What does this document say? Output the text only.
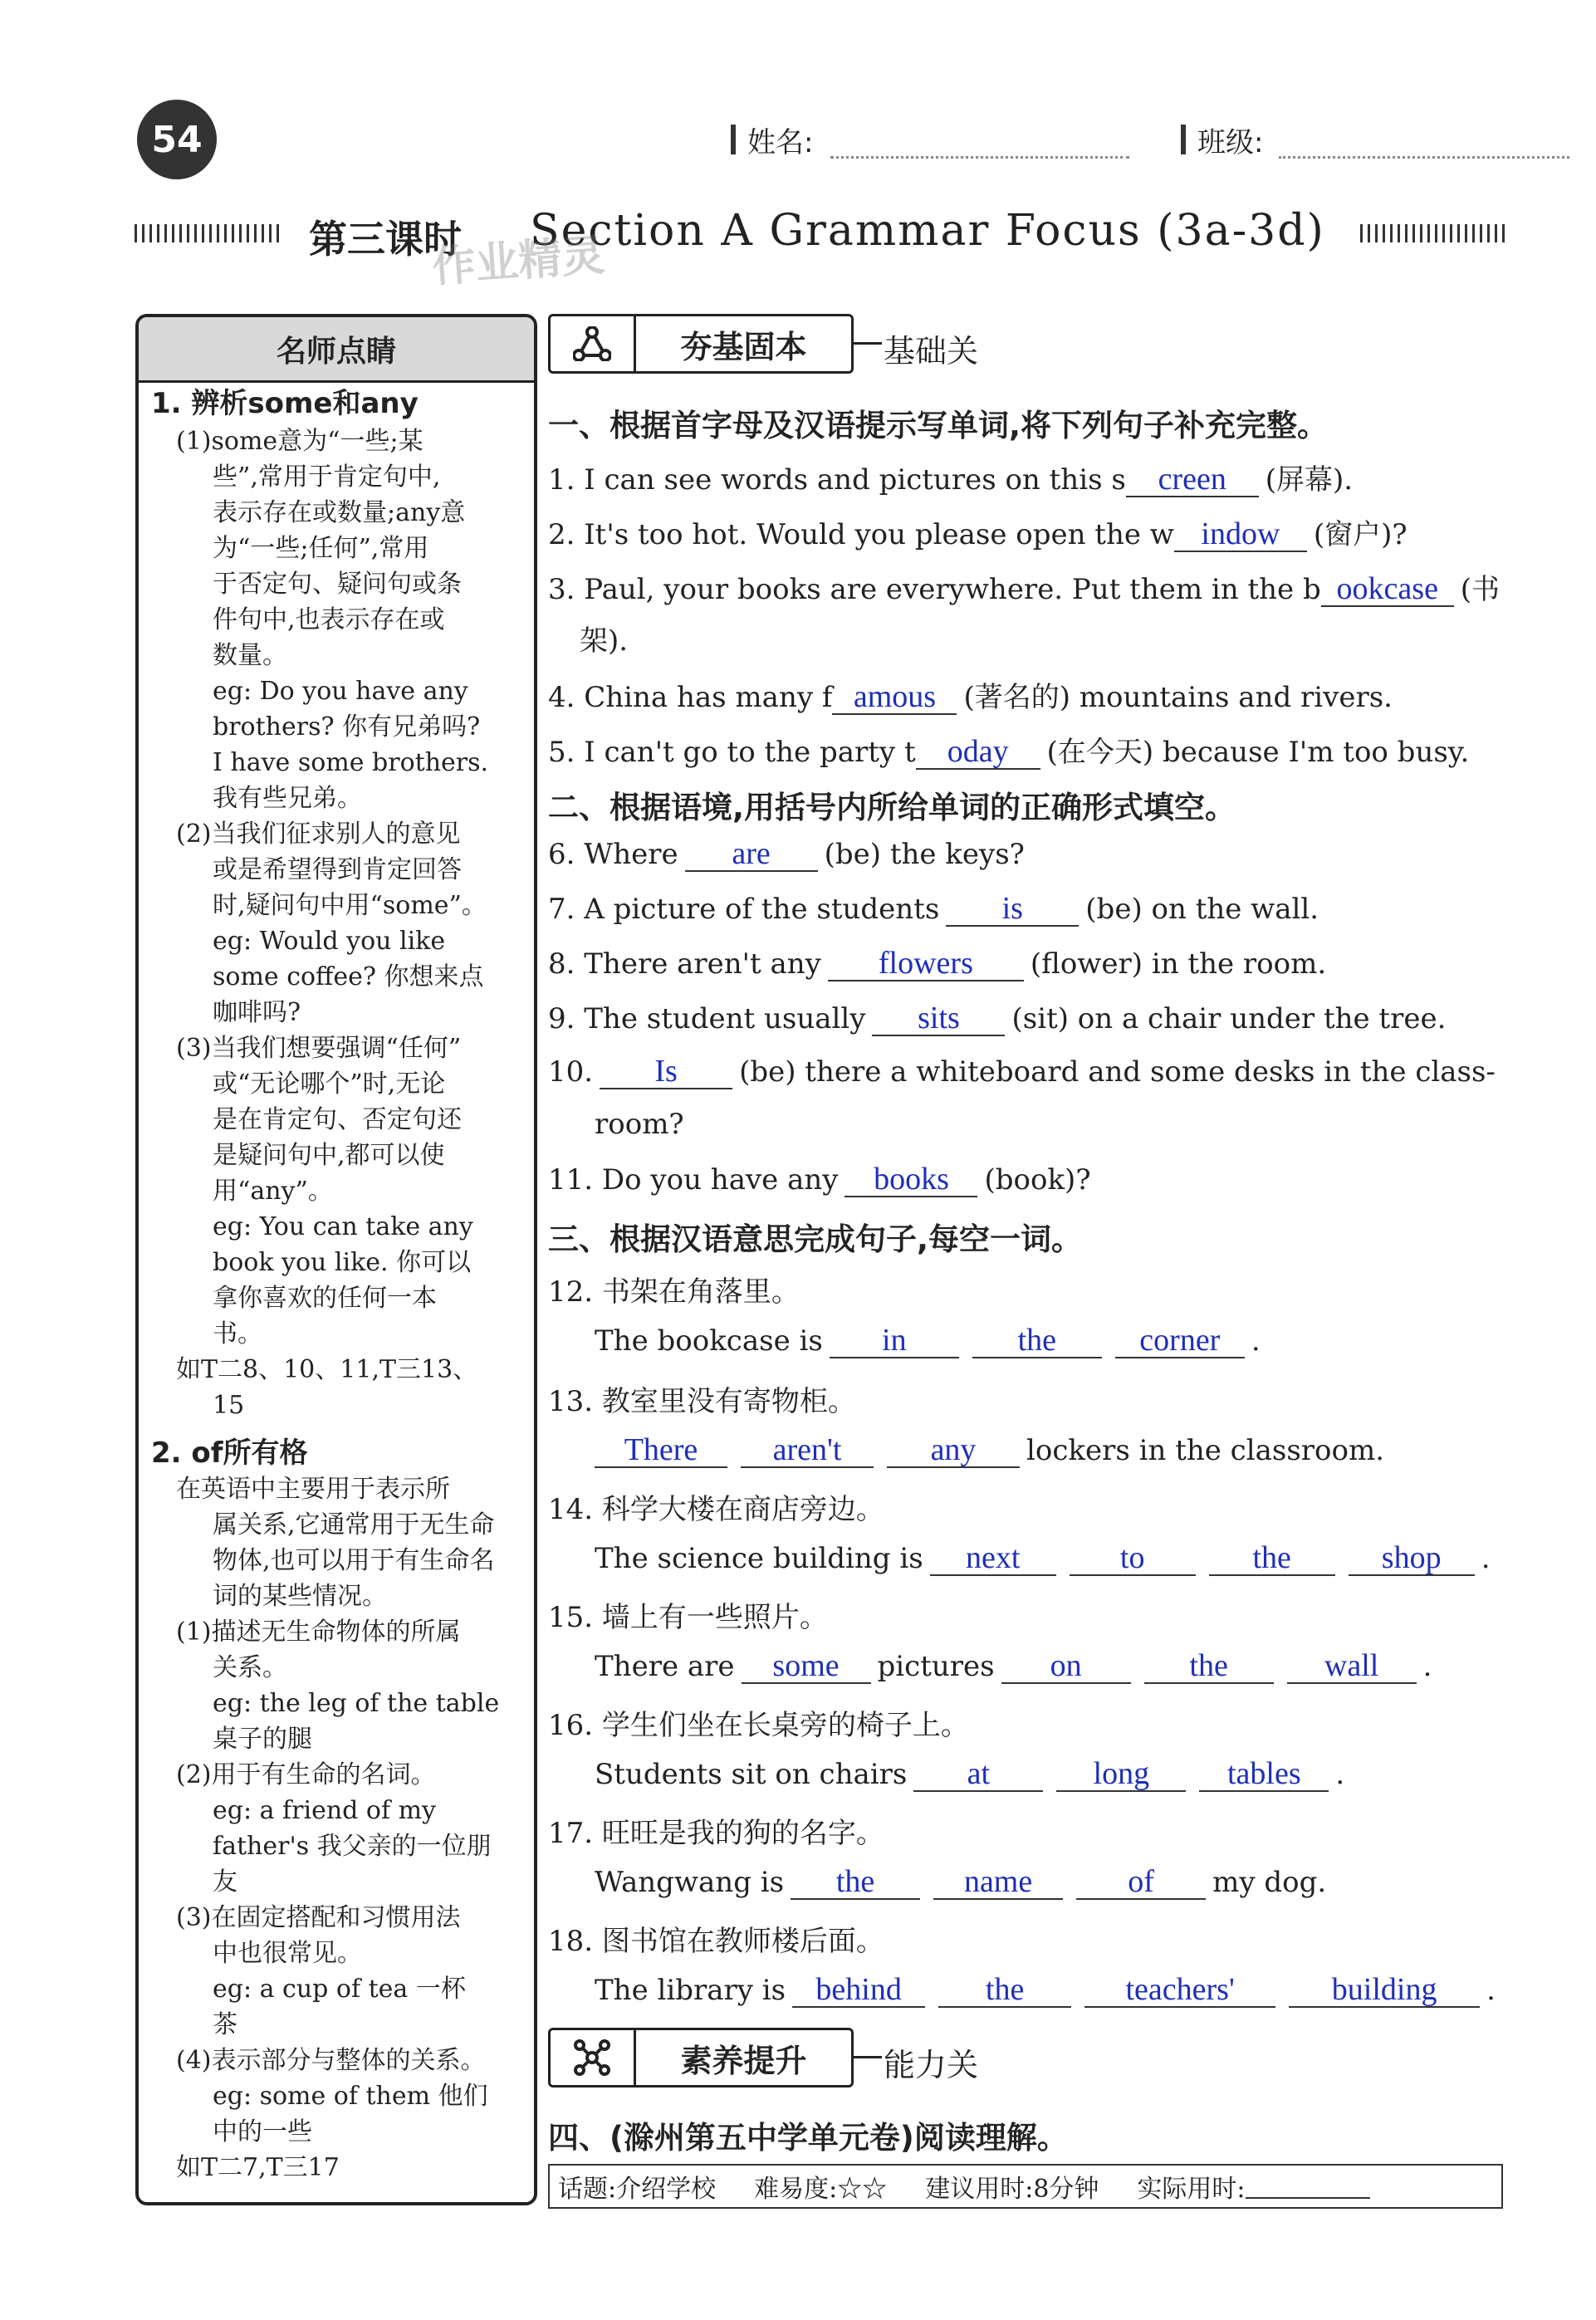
54	姓名:	班级:
第三课时 Section A Grammar Focus (3a-3d)
作业精灵
名师点睛
1. 辨析some和any
(1)some意为“一些;某
些”,常用于肯定句中,
表示存在或数量;any意
为“一些;任何”,常用
于否定句、疑问句或条
件句中,也表示存在或
数量。
eg: Do you have any
brothers? 你有兄弟吗?
I have some brothers.
我有些兄弟。
(2)当我们征求别人的意见
或是希望得到肯定回答
时,疑问句中用“some”。
eg: Would you like
some coffee? 你想来点
咖啡吗?
(3)当我们想要强调“任何”
或“无论哪个”时,无论
是在肯定句、否定句还
是疑问句中,都可以使
用“any”。
eg: You can take any
book you like. 你可以
拿你喜欢的任何一本
书。
如T二8、10、11,T三13、
15
2. of所有格
在英语中主要用于表示所
属关系,它通常用于无生命
物体,也可以用于有生命名
词的某些情况。
(1)描述无生命物体的所属
关系。
eg: the leg of the table
桌子的腿
(2)用于有生命的名词。
eg: a friend of my
father's 我父亲的一位朋
友
(3)在固定搭配和习惯用法
中也很常见。
eg: a cup of tea 一杯
茶
(4)表示部分与整体的关系。
eg: some of them 他们
中的一些
如T二7,T三17
夯基固本	基础关
一、根据首字母及汉语提示写单词,将下列句子补充完整。
1. I can see words and pictures on this s creen (屏幕).
2. It's too hot. Would you please open the w indow (窗户)?
3. Paul, your books are everywhere. Put them in the b ookcase (书
架).
4. China has many f amous (著名的) mountains and rivers.
5. I can't go to the party t oday (在今天) because I'm too busy.
二、根据语境,用括号内所给单词的正确形式填空。
6. Where are (be) the keys?
7. A picture of the students is (be) on the wall.
8. There aren't any flowers (flower) in the room.
9. The student usually sits (sit) on a chair under the tree.
10. Is (be) there a whiteboard and some desks in the class-
room?
11. Do you have any books (book)?
三、根据汉语意思完成句子,每空一词。
12. 书架在角落里。
The bookcase is in	the	corner .
13. 教室里没有寄物柜。
There aren't	any lockers in the classroom.
14. 科学大楼在商店旁边。
The science building is next	to	the	shop .
15. 墙上有一些照片。
There are some pictures on	the	wall .
16. 学生们坐在长桌旁的椅子上。
Students sit on chairs at	long tables .
17. 旺旺是我的狗的名字。
Wangwang is the	name	of my dog.
18. 图书馆在教师楼后面。
The library is behind	the	teachers'	building .
素养提升	能力关
四、(滁州第五中学单元卷)阅读理解。
话题:介绍学校 难易度:☆☆ 建议用时:8分钟 实际用时:
